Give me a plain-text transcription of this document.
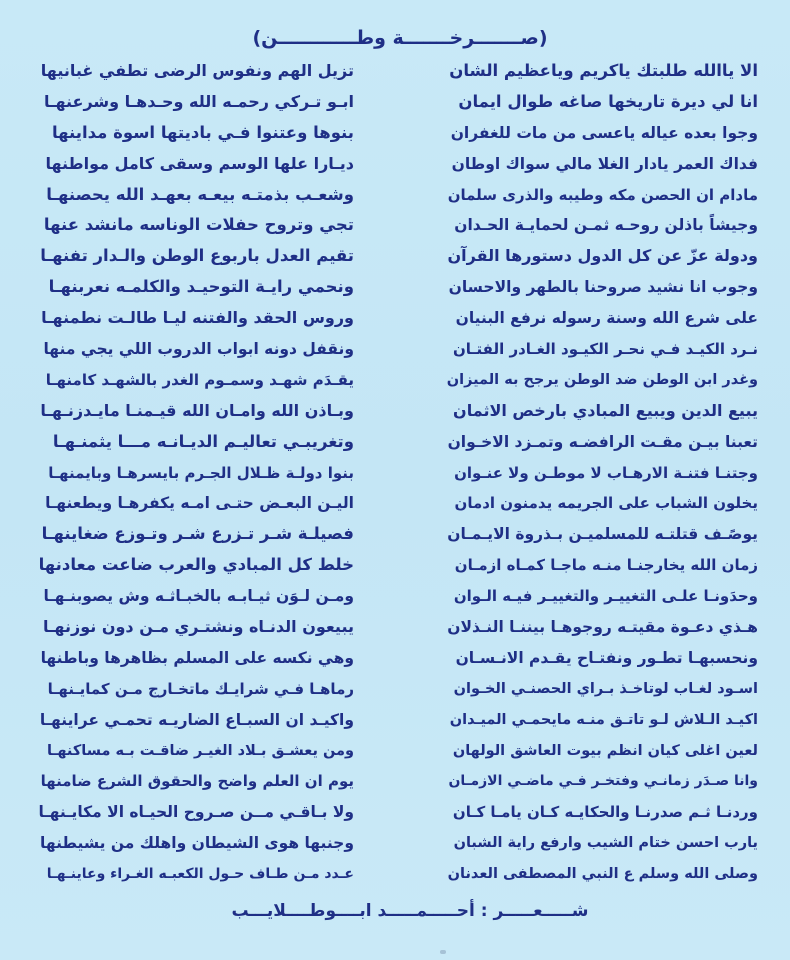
(صـــــــرخـــــــة وطــــــــــــن)
الا ياالله طلبتك ياكريم وياعظيم الشان
تزيل الهم ونفوس الرضى تطفي غبانيها
انا لي ديرة تاريخها صاغه طوال ايمان
ابـو تـركي رحمـه الله وحـدهـا وشرعنهـا
وجوا بعده عياله ياعسى من مات للغفران
بنوها وعتنوا فـي باديتها اسوة مداينها
فداك العمر يادار الغلا مالي سواك اوطان
ديـارا علها الوسم وسقى كامل مواطنها
مادام ان الحصن مكه وطيبه والذرى سلمان
وشعـب بذمتـه بيعـه بعهـد الله يحصنهـا
وجيشاً باذلن روحـه ثمـن لحمايـة الحـدان
تجي وتروح حفلات الوناسه مانشد عنها
ودولة عزّ عن كل الدول دستورها القرآن
تقيم العدل باربوع الوطن والـدار تفنهـا
وجوب انا نشيد صروحنا بالطهر والاحسان
ونحمي رايـة التوحيـد والكلمـه نعربنهـا
على شرع الله وسنة رسوله نرفع البنيان
وروس الحقد والفتنه ليـا طالـت نطمنهـا
نـرد الكيـد فـي نحـر الكيـود الغـادر الفتـان
ونقفل دونه ابواب الدروب اللي يجي منها
وغدر ابن الوطن ضد الوطن يرجح به الميزان
يقـدَم شهـد وسمـوم الغدر بالشهـد كامنهـا
يبيع الدين ويبيع المبادي بارخص الاثمان
وبـاذن الله وامـان الله قيـمنـا مايـدزنـهـا
تعبنا بيـن مقـت الرافضـه وتمـزد الاخـوان
وتغريبـي تعاليـم الديـانـه مـــا يثمنـهـا
وجتنـا فتنـة الارهـاب لا موطـن ولا عنـوان
بنوا دولـة ظـلال الجـرم بايسرهـا وبايمنهـا
يخلون الشباب على الجريمه يدمنون ادمان
اليـن البعـض حتـى امـه يكفرهـا ويطعنهـا
يوصًـف قتلتـه للمسلميـن بـذروة الايـمـان
فصيلـة شـر تـزرع شـر وتـوزع ضغاينهـا
زمان الله يخارجنـا منـه ماجـا كمـاه ازمـان
خلط كل المبادي والعرب ضاعت معادنها
وحدَونـا علـى التغييـر والتغييـر فيـه الـوان
ومـن لـوَن ثيـابـه بالخبـاثـه وش يصوبنـهـا
هـذي دعـوة مقيتـه روجوهـا بيننـا النـذلان
يبيعون الدنـاه ونشتـري مـن دون نوزنهـا
ونحسبهـا تطـور ونفتـاح يقـدم الانـسـان
وهي نكسه على المسلم بظاهرها وباطنها
اسـود لغـاب لوتاخـذ بـراي الحصنـي الخـوان
رماهـا فـي شرايـك ماتخـارج مـن كمايـنهـا
اكيـد الـلاش لـو تاتـق منـه مايحمـي الميـدان
واكيـد ان السبـاع الضاريـه تحمـي عراينهـا
لعين اغلى كيان انظم بيوت العاشق الولهان
ومن يعشـق بـلاد الغيـر ضاقـت بـه مساكنهـا
وانا صـدَر زمانـي وفتخـر فـي ماضـي الازمـان
يوم ان العلم واضح والحقوق الشرع ضامنها
وردنـا ثـم صدرنـا والحكايـه كـان يامـا كـان
ولا بـاقـي مــن صـروح الحيـاه الا مكايـنهـا
يارب احسن ختام الشيب وارفع راية الشبان
وجنبها هوى الشيطان واهلك من يشيطنها
وصلى الله وسلم ع النبي المصطفى العدنان
عـدد مـن طـاف حـول الكعبـه الغـراء وعاينـهـا
شـــــعـــــر : أحـــــمـــــد ابــــوطــــلايـــب
